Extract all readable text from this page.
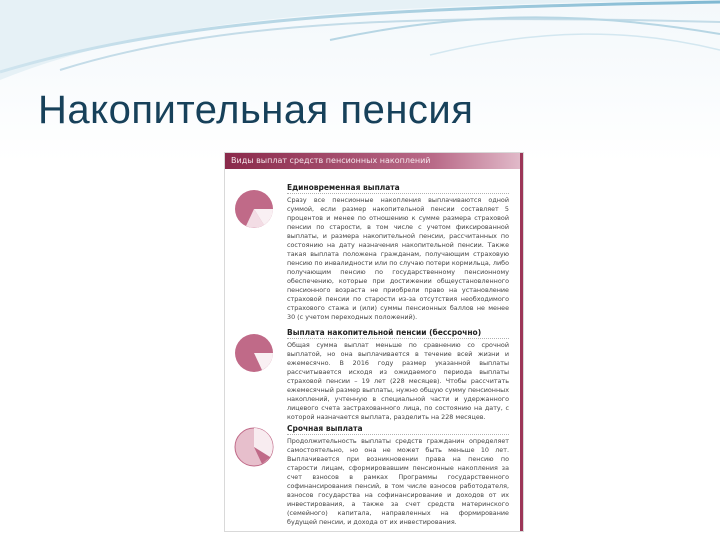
Накопительная пенсия
Виды выплат средств пенсионных накоплений
Единовременная выплата
Сразу все пенсионные накопления выплачиваются одной суммой, если размер накопительной пенсии составляет 5 процентов и менее по отношению к сумме размера страховой пенсии по старости, в том числе с учетом фиксированной выплаты, и размера накопительной пенсии, рассчитанных по состоянию на дату назначения накопительной пенсии. Также такая выплата положена гражданам, получающим страховую пенсию по инвалидности или по случаю потери кормильца, либо получающим пенсию по государственному пенсионному обеспечению, которые при достижении общеустановленного пенсионного возраста не приобрели право на установление страховой пенсии по старости из-за отсутствия необходимого страхового стажа и (или) суммы пенсионных баллов не менее 30 (с учетом переходных положений).
Выплата накопительной пенсии (бессрочно)
Общая сумма выплат меньше по сравнению со срочной выплатой, но она выплачивается в течение всей жизни и ежемесячно. В 2016 году размер указанной выплаты рассчитывается исходя из ожидаемого периода выплаты страховой пенсии – 19 лет (228 месяцев). Чтобы рассчитать ежемесячный размер выплаты, нужно общую сумму пенсионных накоплений, учтенную в специальной части и удержанного лицевого счета застрахованного лица, по состоянию на дату, с которой назначается выплата, разделить на 228 месяцев.
Срочная выплата
Продолжительность выплаты средств гражданин определяет самостоятельно, но она не может быть меньше 10 лет. Выплачивается при возникновении права на пенсию по старости лицам, сформировавшим пенсионные накопления за счет взносов в рамках Программы государственного софинансирования пенсий, в том числе взносов работодателя, взносов государства на софинансирование и доходов от их инвестирования, а также за счет средств материнского (семейного) капитала, направленных на формирование будущей пенсии, и дохода от их инвестирования.
